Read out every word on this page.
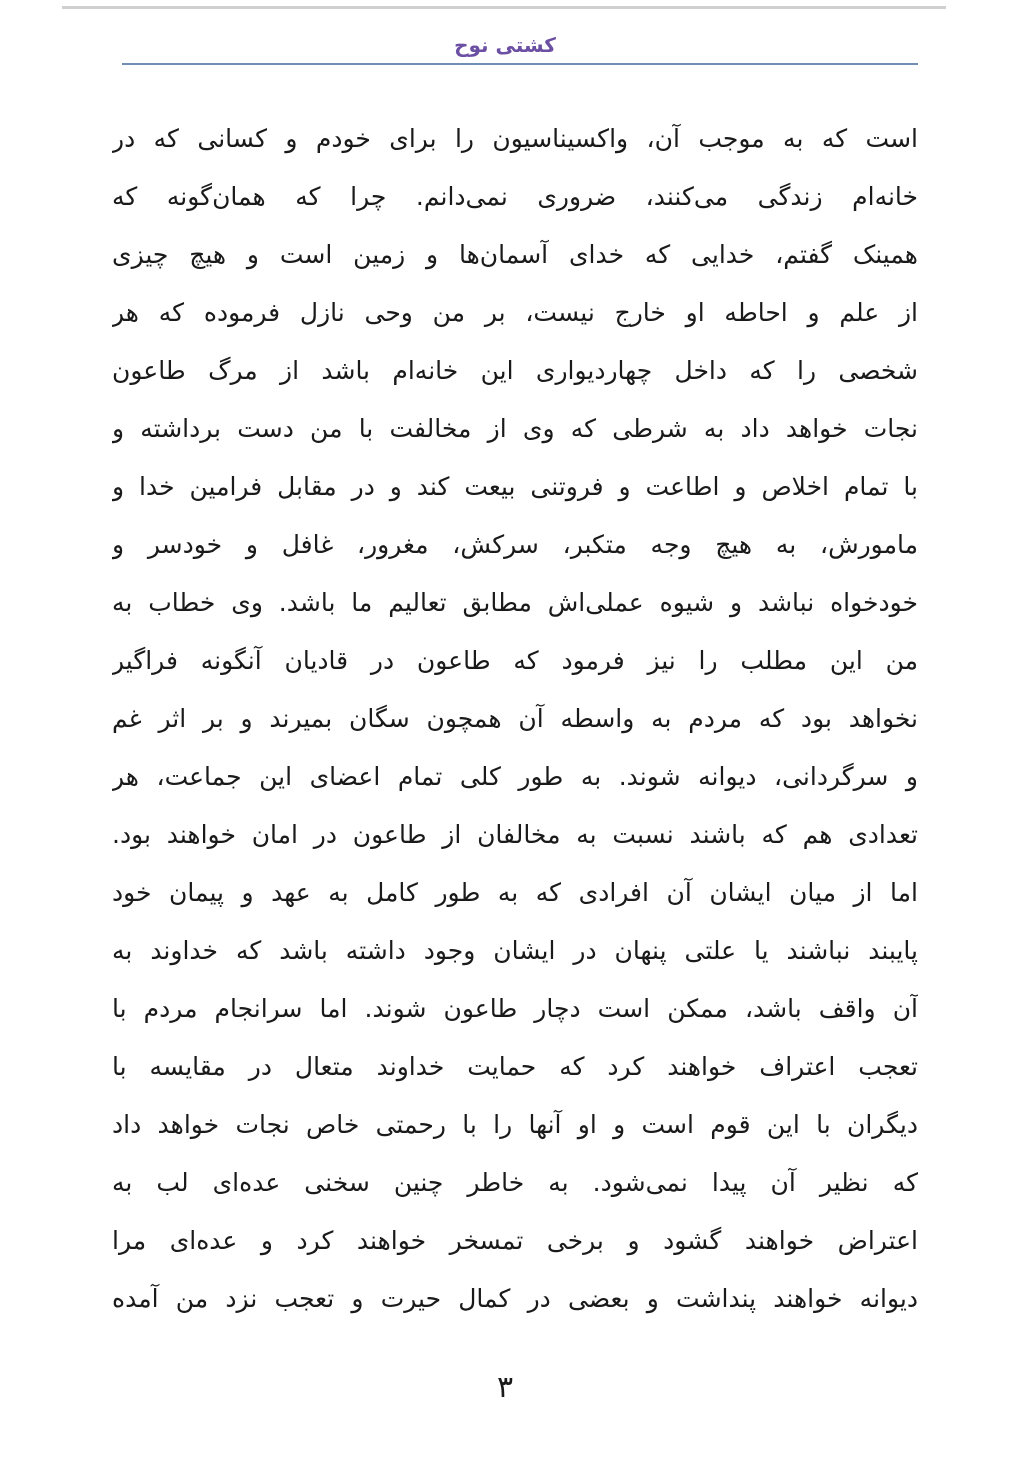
کشتی نوح
است که به موجب آن، واکسیناسیون را برای خودم و کسانی که در
خانه‌ام زندگی می‌کنند، ضروری نمی‌دانم. چرا که همان‌گونه که
همینک گفتم، خدایی که خدای آسمان‌ها و زمین است و هیچ چیزی
از علم و احاطه او خارج نیست، بر من وحی نازل فرموده که هر
شخصی را که داخل چهاردیواری این خانه‌ام باشد از مرگ طاعون
نجات خواهد داد به شرطی که وی از مخالفت با من دست برداشته و
با تمام اخلاص و اطاعت و فروتنی بیعت کند و در مقابل فرامین خدا و
مامورش، به هیچ وجه متکبر، سرکش، مغرور، غافل و خودسر و
خودخواه نباشد و شیوه عملی‌اش مطابق تعالیم ما باشد. وی خطاب به
من این مطلب را نیز فرمود که طاعون در قادیان آنگونه فراگیر
نخواهد بود که مردم به واسطه آن همچون سگان بمیرند و بر اثر غم
و سرگردانی، دیوانه شوند. به طور کلی تمام اعضای این جماعت، هر
تعدادی هم که باشند نسبت به مخالفان از طاعون در امان خواهند بود.
اما از میان ایشان آن افرادی که به طور کامل به عهد و پیمان خود
پایبند نباشند یا علتی پنهان در ایشان وجود داشته باشد که خداوند به
آن واقف باشد، ممکن است دچار طاعون شوند. اما سرانجام مردم با
تعجب اعتراف خواهند کرد که حمایت خداوند متعال در مقایسه با
دیگران با این قوم است و او آنها را با رحمتی خاص نجات خواهد داد
که نظیر آن پیدا نمی‌شود. به خاطر چنین سخنی عده‌ای لب به
اعتراض خواهند گشود و برخی تمسخر خواهند کرد و عده‌ای مرا
دیوانه خواهند پنداشت و بعضی در کمال حیرت و تعجب نزد من آمده
۳
